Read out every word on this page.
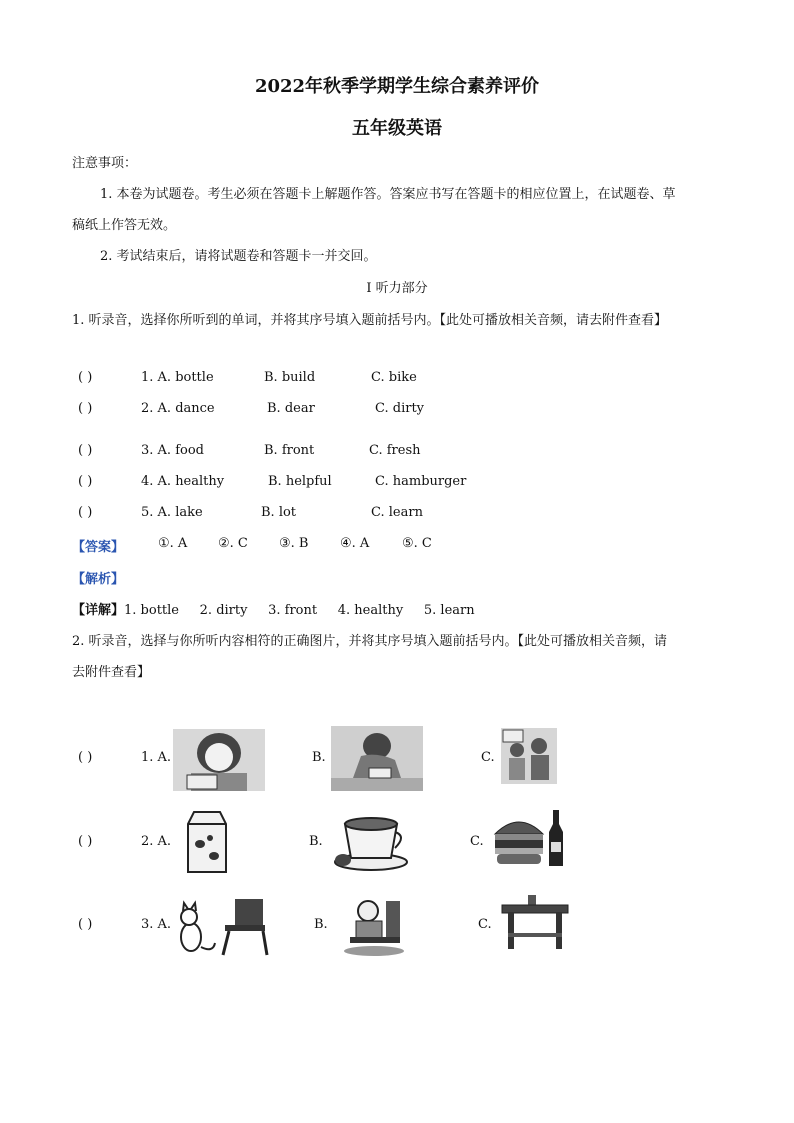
2022年秋季学期学生综合素养评价
五年级英语
注意事项：
1. 本卷为试题卷。考生必须在答题卡上解题作答。答案应书写在答题卡的相应位置上，在试题卷、草
稿纸上作答无效。
2. 考试结束后，请将试题卷和答题卡一并交回。
I 听力部分
1. 听录音，选择你所听到的单词，并将其序号填入题前括号内。【此处可播放相关音频，请去附件查看】
( )	1. A. bottle	B. build	C. bike
( )	2. A. dance	B. dear	C. dirty
( )	3. A. food	B. front	C. fresh
( )	4. A. healthy	B. helpful	C. hamburger
( )	5. A. lake	B. lot	C. learn
【答案】	①. A ②. C ③. B ④. A	⑤. C
【解析】
【详解】1. bottle     2. dirty     3. front     4. healthy     5. learn
2. 听录音，选择与你所听内容相符的正确图片，并将其序号填入题前括号内。【此处可播放相关音频，请
去附件查看】
( )	1. A.	B.	C.
( )	2. A.	B.	C.
( )	3. A.	B.	C.
